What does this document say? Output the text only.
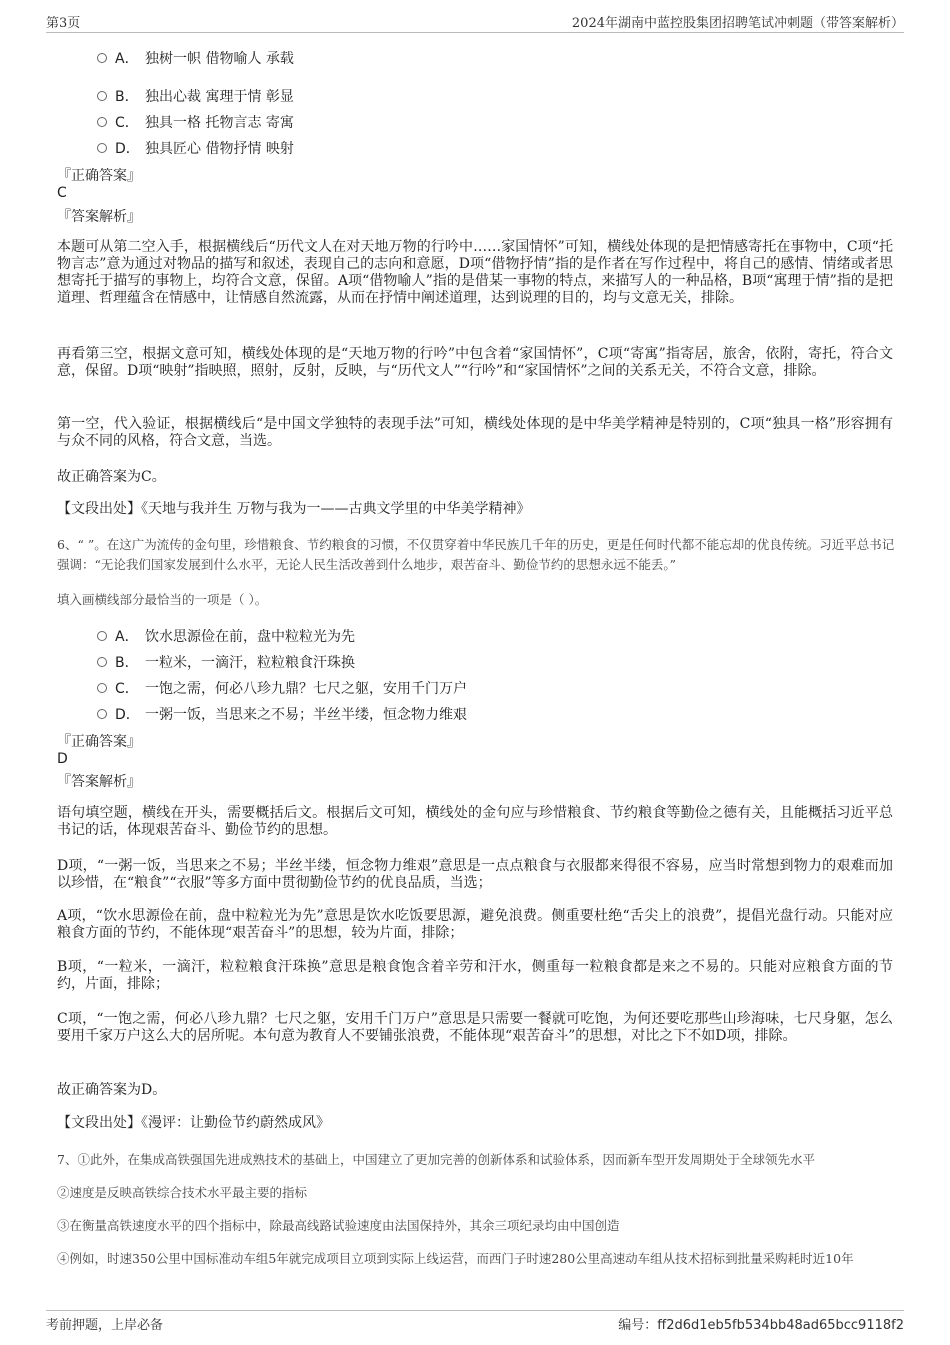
第3页	2024年湖南中蓝控股集团招聘笔试冲刺题（带答案解析）
A． 独树一帜 借物喻人 承载
B． 独出心裁 寓理于情 彰显
C． 独具一格 托物言志 寄寓
D． 独具匠心 借物抒情 映射
『正确答案』
C
『答案解析』
本题可从第二空入手，根据横线后“历代文人在对天地万物的行吟中……家国情怀”可知，横线处体现的是把情感寄托在事物中，C项“托物言志”意为通过对物品的描写和叙述，表现自己的志向和意愿，D项“借物抒情”指的是作者在写作过程中，将自己的感情、情绪或者思想寄托于描写的事物上，均符合文意，保留。A项“借物喻人”指的是借某一事物的特点，来描写人的一种品格，B项“寓理于情”指的是把道理、哲理蕴含在情感中，让情感自然流露，从而在抒情中阐述道理，达到说理的目的，均与文意无关，排除。
再看第三空，根据文意可知，横线处体现的是“天地万物的行吟”中包含着“家国情怀”，C项“寄寓”指寄居，旅舍，依附，寄托，符合文意，保留。D项“映射”指映照，照射，反射，反映，与“历代文人”“行吟”和“家国情怀”之间的关系无关，不符合文意，排除。
第一空，代入验证，根据横线后“是中国文学独特的表现手法”可知，横线处体现的是中华美学精神是特别的，C项“独具一格”形容拥有与众不同的风格，符合文意，当选。
故正确答案为C。
【文段出处】《天地与我并生 万物与我为一——古典文学里的中华美学精神》
6、“ ”。在这广为流传的金句里，珍惜粮食、节约粮食的习惯，不仅贯穿着中华民族几千年的历史，更是任何时代都不能忘却的优良传统。习近平总书记强调：“无论我们国家发展到什么水平，无论人民生活改善到什么地步，艰苦奋斗、勤俭节约的思想永远不能丢。”
填入画横线部分最恰当的一项是（ ）。
A． 饮水思源俭在前，盘中粒粒光为先
B． 一粒米，一滴汗，粒粒粮食汗珠换
C． 一饱之需，何必八珍九鼎？七尺之躯，安用千门万户
D． 一粥一饭，当思来之不易；半丝半缕，恒念物力维艰
『正确答案』
D
『答案解析』
语句填空题，横线在开头，需要概括后文。根据后文可知，横线处的金句应与珍惜粮食、节约粮食等勤俭之德有关，且能概括习近平总书记的话，体现艰苦奋斗、勤俭节约的思想。
D项，“一粥一饭，当思来之不易；半丝半缕，恒念物力维艰”意思是一点点粮食与衣服都来得很不容易，应当时常想到物力的艰难而加以珍惜，在“粮食”“衣服”等多方面中贯彻勤俭节约的优良品质，当选；
A项，“饮水思源俭在前，盘中粒粒光为先”意思是饮水吃饭要思源，避免浪费。侧重要杜绝“舌尖上的浪费”，提倡光盘行动。只能对应粮食方面的节约，不能体现“艰苦奋斗”的思想，较为片面，排除；
B项，“一粒米，一滴汗，粒粒粮食汗珠换”意思是粮食饱含着辛劳和汗水，侧重每一粒粮食都是来之不易的。只能对应粮食方面的节约，片面，排除；
C项，“一饱之需，何必八珍九鼎？七尺之躯，安用千门万户”意思是只需要一餐就可吃饱，为何还要吃那些山珍海味，七尺身躯，怎么要用千家万户这么大的居所呢。本句意为教育人不要铺张浪费，不能体现“艰苦奋斗”的思想，对比之下不如D项，排除。
故正确答案为D。
【文段出处】《漫评：让勤俭节约蔚然成风》
7、①此外，在集成高铁强国先进成熟技术的基础上，中国建立了更加完善的创新体系和试验体系，因而新车型开发周期处于全球领先水平
②速度是反映高铁综合技术水平最主要的指标
③在衡量高铁速度水平的四个指标中，除最高线路试验速度由法国保持外，其余三项纪录均由中国创造
④例如，时速350公里中国标准动车组5年就完成项目立项到实际上线运营，而西门子时速280公里高速动车组从技术招标到批量采购耗时近10年
考前押题，上岸必备	编号：ff2d6d1eb5fb534bb48ad65bcc9118f2
